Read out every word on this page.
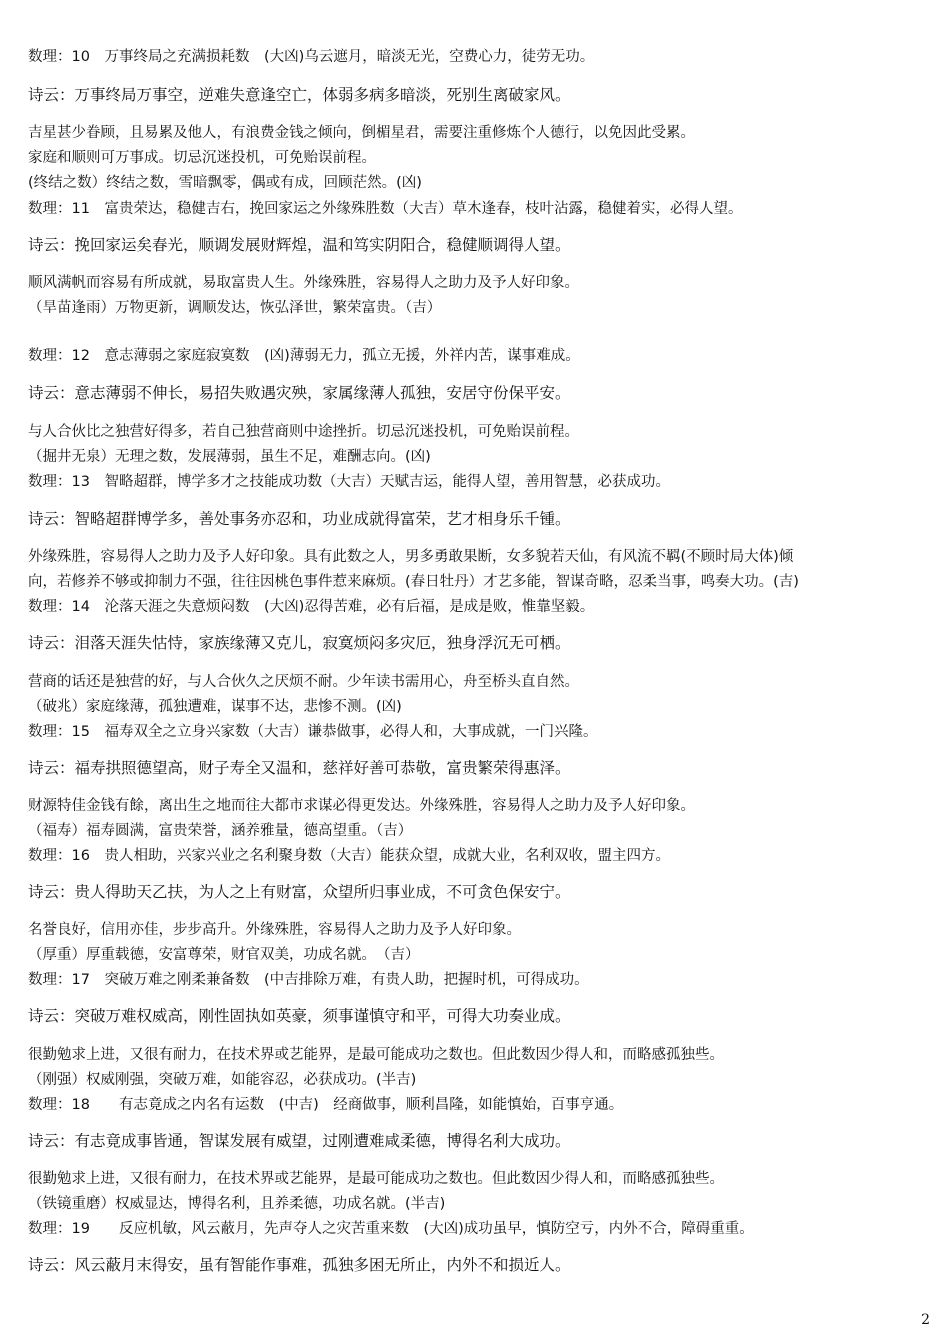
数理：10　万事终局之充满损耗数　(大凶)乌云遮月，暗淡无光，空费心力，徒劳无功。
诗云：万事终局万事空，逆难失意逢空亡，体弱多病多暗淡，死别生离破家风。
吉星甚少眷顾，且易累及他人，有浪费金钱之倾向，倒楣星君，需要注重修炼个人德行，以免因此受累。
家庭和顺则可万事成。切忌沉迷投机，可免贻误前程。
(终结之数）终结之数，雪暗飘零，偶或有成，回顾茫然。(凶)
数理：11　富贵荣达，稳健吉右，挽回家运之外缘殊胜数（大吉）草木逢春，枝叶沾露，稳健着实，必得人望。
诗云：挽回家运矣春光，顺调发展财辉煌，温和笃实阴阳合，稳健顺调得人望。
顺风满帆而容易有所成就，易取富贵人生。外缘殊胜，容易得人之助力及予人好印象。
（旱苗逢雨）万物更新，调顺发达，恢弘泽世，繁荣富贵。（吉）
数理：12　意志薄弱之家庭寂寞数　(凶)薄弱无力，孤立无援，外祥内苦，谋事难成。
诗云：意志薄弱不伸长，易招失败遇灾殃，家属缘薄人孤独，安居守份保平安。
与人合伙比之独营好得多，若自己独营商则中途挫折。切忌沉迷投机，可免贻误前程。
（掘井无泉）无理之数，发展薄弱，虽生不足，难酬志向。(凶)
数理：13　智略超群，博学多才之技能成功数（大吉）天赋吉运，能得人望，善用智慧，必获成功。
诗云：智略超群博学多，善处事务亦忍和，功业成就得富荣，艺才相身乐千锺。
外缘殊胜，容易得人之助力及予人好印象。具有此数之人，男多勇敢果断，女多貌若天仙，有风流不羁(不顾时局大体)倾
向，若修养不够或抑制力不强，往往因桃色事件惹来麻烦。(春日牡丹）才艺多能，智谋奇略，忍柔当事，鸣奏大功。(吉)
数理：14　沦落天涯之失意烦闷数　(大凶)忍得苦难，必有后福，是成是败，惟靠坚毅。
诗云：泪落天涯失怙恃，家族缘薄又克儿，寂寞烦闷多灾厄，独身浮沉无可栖。
营商的话还是独营的好，与人合伙久之厌烦不耐。少年读书需用心，舟至桥头直自然。
（破兆）家庭缘薄，孤独遭难，谋事不达，悲惨不测。(凶)
数理：15　福寿双全之立身兴家数（大吉）谦恭做事，必得人和，大事成就，一门兴隆。
诗云：福寿拱照德望高，财子寿全又温和，慈祥好善可恭敬，富贵繁荣得惠泽。
财源特佳金钱有餘，离出生之地而往大都市求谋必得更发达。外缘殊胜，容易得人之助力及予人好印象。
（福寿）福寿圆满，富贵荣誉，涵养雅量，德高望重。（吉）
数理：16　贵人相助，兴家兴业之名利聚身数（大吉）能获众望，成就大业，名利双收，盟主四方。
诗云：贵人得助天乙扶，为人之上有财富，众望所归事业成，不可贪色保安宁。
名誉良好，信用亦佳，步步高升。外缘殊胜，容易得人之助力及予人好印象。
（厚重）厚重载德，安富尊荣，财官双美，功成名就。　（吉）
数理：17　突破万难之刚柔兼备数　(中吉排除万难，有贵人助，把握时机，可得成功。
诗云：突破万难权威高，刚性固执如英豪，须事谨慎守和平，可得大功奏业成。
很勤勉求上进，又很有耐力，在技术界或艺能界，是最可能成功之数也。但此数因少得人和，而略感孤独些。
（刚强）权威刚强，突破万难，如能容忍，必获成功。(半吉)
数理：18　　有志竟成之内名有运数　(中吉)　经商做事，顺利昌隆，如能慎始，百事亨通。
诗云：有志竟成事皆通，智谋发展有威望，过刚遭难咸柔德，博得名利大成功。
很勤勉求上进，又很有耐力，在技术界或艺能界，是最可能成功之数也。但此数因少得人和，而略感孤独些。
（铁镜重磨）权威显达，博得名利，且养柔德，功成名就。(半吉)
数理：19　　反应机敏，风云蔽月，先声夺人之灾苦重来数　(大凶)成功虽早，慎防空亏，内外不合，障碍重重。
诗云：风云蔽月末得安，虽有智能作事难，孤独多困无所止，内外不和损近人。
2
